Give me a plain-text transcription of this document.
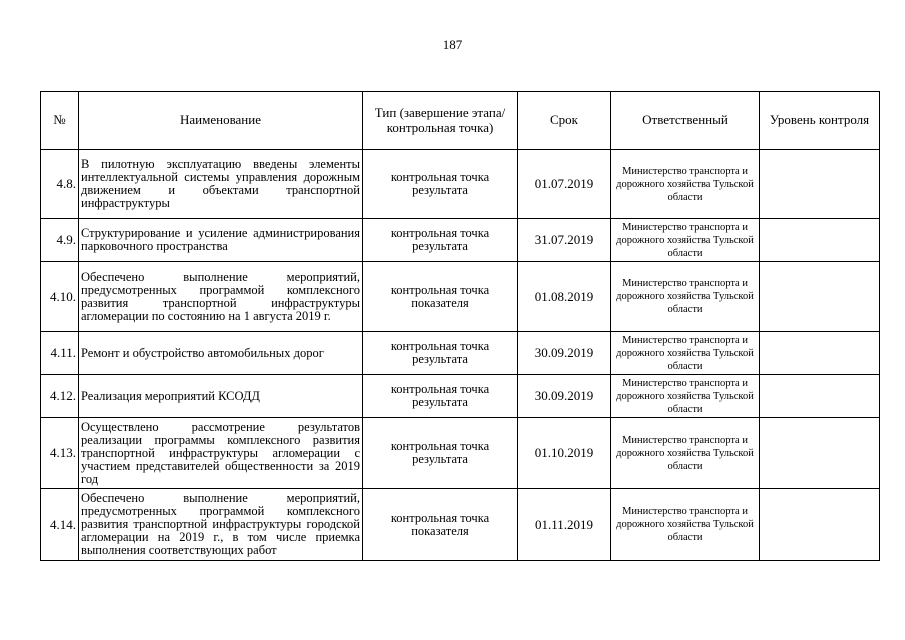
187
№	Наименование	Тип (завершение этапа/контрольная точка)	Срок	Ответственный	Уровень контроля
4.8.	В пилотную эксплуатацию введены элементы интеллектуальной системы управления дорожным движением и объектами транспортной инфраструктуры	контрольная точка результата	01.07.2019	Министерство транспорта и дорожного хозяйства Тульской области	
4.9.	Структурирование и усиление администрирования парковочного пространства	контрольная точка результата	31.07.2019	Министерство транспорта и дорожного хозяйства Тульской области	
4.10.	Обеспечено выполнение мероприятий, предусмотренных программой комплексного развития транспортной инфраструктуры агломерации по состоянию на 1 августа 2019 г.	контрольная точка показателя	01.08.2019	Министерство транспорта и дорожного хозяйства Тульской области	
4.11.	Ремонт и обустройство автомобильных дорог	контрольная точка результата	30.09.2019	Министерство транспорта и дорожного хозяйства Тульской области	
4.12.	Реализация мероприятий КСОДД	контрольная точка результата	30.09.2019	Министерство транспорта и дорожного хозяйства Тульской области	
4.13.	Осуществлено рассмотрение результатов реализации программы комплексного развития транспортной инфраструктуры агломерации с участием представителей общественности за 2019 год	контрольная точка результата	01.10.2019	Министерство транспорта и дорожного хозяйства Тульской области	
4.14.	Обеспечено выполнение мероприятий, предусмотренных программой комплексного развития транспортной инфраструктуры городской агломерации на 2019 г., в том числе приемка выполнения соответствующих работ	контрольная точка показателя	01.11.2019	Министерство транспорта и дорожного хозяйства Тульской области	
